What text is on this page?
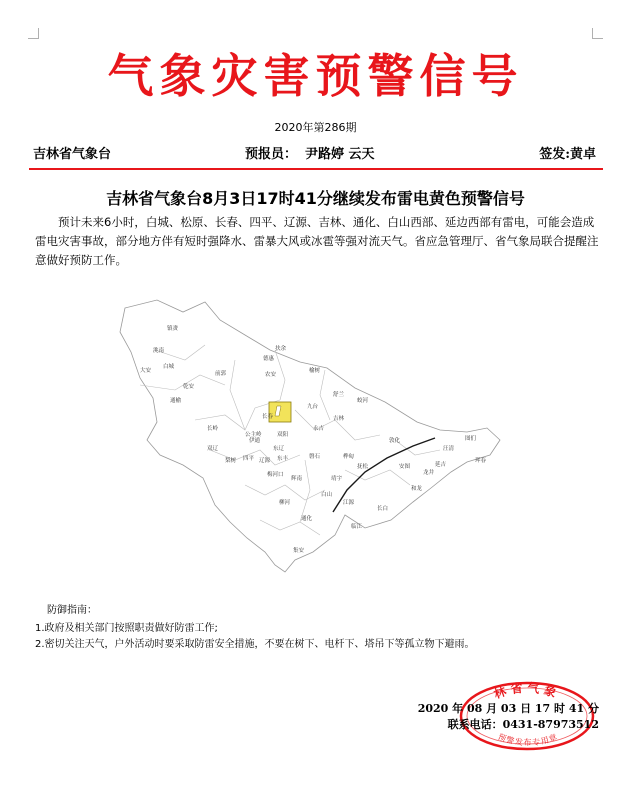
气象灾害预警信号
2020年第286期
吉林省气象台	预报员： 尹路婷 云天	签发:黄卓
吉林省气象台8月3日17时41分继续发布雷电黄色预警信号
预计未来6小时，白城、松原、长春、四平、辽源、吉林、通化、白山西部、延边西部有雷电，可能会造成雷电灾害事故，部分地方伴有短时强降水、雷暴大风或冰雹等强对流天气。省应急管理厅、省气象局联合提醒注意做好预防工作。
镇赉
洮南
大安
白城
通榆
乾安
前郭
扶余
长岭
农安
德惠
榆树
舒兰
九台
长春
双阳
永吉
吉林
蛟河
敦化
安图
汪清
图们
珲春
和龙
延吉
龙井
抚松
靖宇
长白
临江
江源
白山
通化
集安
柳河
辉南
梅河口
东丰
东辽
辽源
伊通
四平
公主岭
梨树
双辽
磐石	桦甸
防御指南：
1.政府及相关部门按照职责做好防雷工作;
2.密切关注天气，户外活动时要采取防雷安全措施，不要在树下、电杆下、塔吊下等孤立物下避雨。
林省气象
预警发布专用章
2020 年 08 月 03 日 17 时 41 分
联系电话：0431-87973512
